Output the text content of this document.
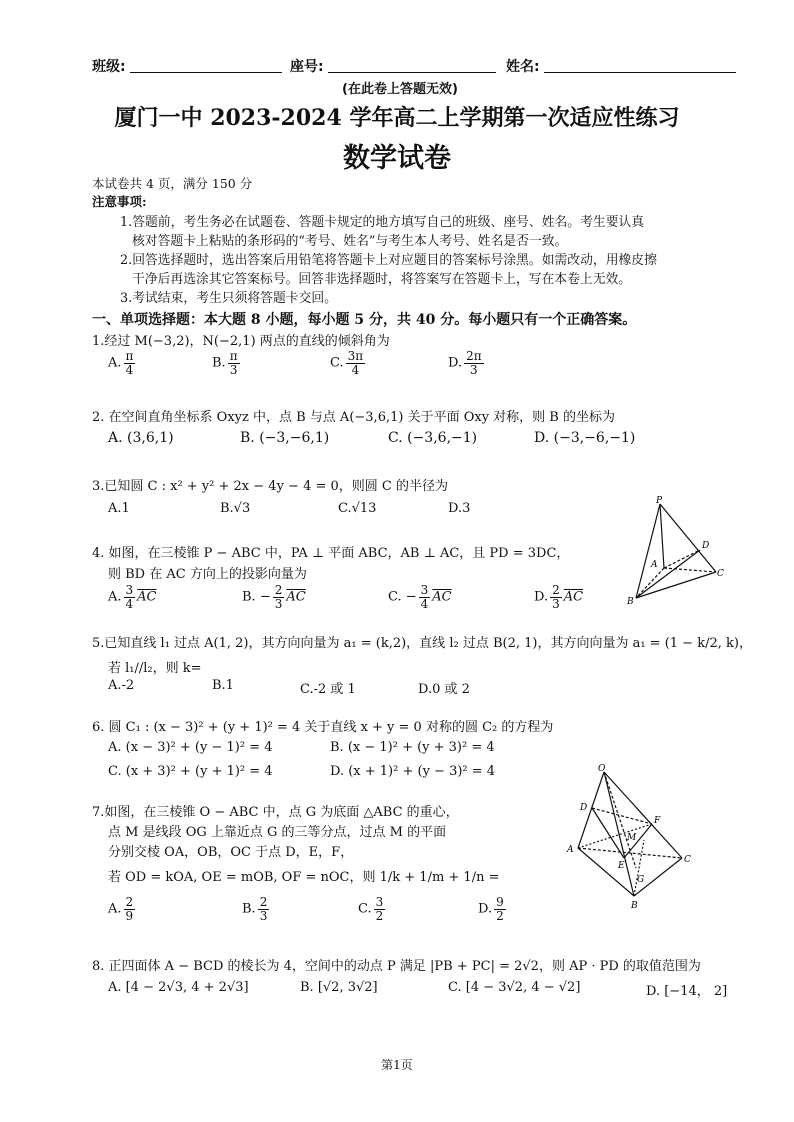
班级:	座号:	姓名:
(在此卷上答题无效)
厦门一中 2023-2024 学年高二上学期第一次适应性练习
数学试卷
本试卷共 4 页，满分 150 分
注意事项:
1.答题前，考生务必在试题卷、答题卡规定的地方填写自己的班级、座号、姓名。考生要认真
核对答题卡上粘贴的条形码的“考号、姓名”与考生本人考号、姓名是否一致。
2.回答选择题时，选出答案后用铅笔将答题卡上对应题目的答案标号涂黑。如需改动，用橡皮擦
干净后再选涂其它答案标号。回答非选择题时，将答案写在答题卡上，写在本卷上无效。
3.考试结束，考生只须将答题卡交回。
一、单项选择题：本大题 8 小题，每小题 5 分，共 40 分。每小题只有一个正确答案。
1.经过 M(−3,2)，N(−2,1) 两点的直线的倾斜角为
A. $\frac{\pi}{4}$	B. $\frac{\pi}{3}$	C. $\frac{3\pi}{4}$	D. $\frac{2\pi}{3}$
2. 在空间直角坐标系 Oxyz 中，点 B 与点 A(−3,6,1) 关于平面 Oxy 对称，则 B 的坐标为
A. (3,6,1)	B. (−3,−6,1)	C. (−3,6,−1)	D. (−3,−6,−1)
3.已知圆 C : x² + y² + 2x − 4y − 4 = 0，则圆 C 的半径为
A.1	B.√3	C.√13	D.3
4. 如图，在三棱锥 P − ABC 中，PA ⊥ 平面 ABC，AB ⊥ AC，且 PD = 3DC，
则 BD 在 AC 方向上的投影向量为
A. $\frac{3}{4} \overline{AC}$	B. − $\frac{2}{3} \overline{AC}$	C. − $\frac{3}{4} \overline{AC}$	D. $\frac{2}{3} \overline{AC}$
P
D
A
C
B
5.已知直线 l₁ 过点 A(1, 2)，其方向向量为 a₁ = (k,2)，直线 l₂ 过点 B(2, 1)，其方向向量为 a₁ = (1 − k/2, k)，
若 l₁//l₂，则 k=
A.-2	B.1	C.-2 或 1	D.0 或 2
6. 圆 C₁ : (x − 3)² + (y + 1)² = 4 关于直线 x + y = 0 对称的圆 C₂ 的方程为
A. (x − 3)² + (y − 1)² = 4	B. (x − 1)² + (y + 3)² = 4
C. (x + 3)² + (y + 1)² = 4	D. (x + 1)² + (y − 3)² = 4
7.如图，在三棱锥 O − ABC 中，点 G 为底面 △ABC 的重心，
点 M 是线段 OG 上靠近点 G 的三等分点，过点 M 的平面
分别交棱 OA，OB，OC 于点 D，E，F，
若 OD = kOA, OE = mOB, OF = nOC，则 1/k + 1/m + 1/n =
A. $\frac{2}{9}$	B. $\frac{2}{3}$	C. $\frac{3}{2}$	D. $\frac{9}{2}$
O
D
F
M
A
E
G
C
B
8. 正四面体 A − BCD 的棱长为 4，空间中的动点 P 满足 |PB + PC| = 2√2，则 AP · PD 的取值范围为
A. [4 − 2√3, 4 + 2√3]	B. [√2, 3√2]	C. [4 − 3√2, 4 − √2]	D. [−14， 2]
第1页
